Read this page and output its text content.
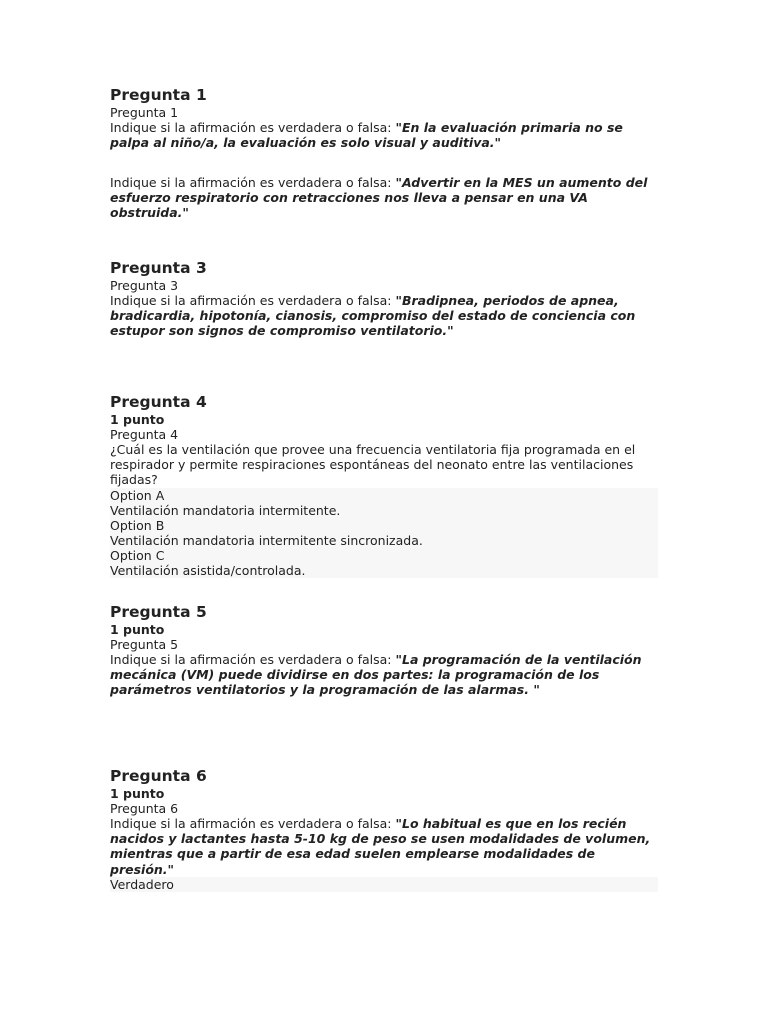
Pregunta 1
Pregunta 1
Indique si la afirmación es verdadera o falsa: "En la evaluación primaria no se palpa al niño/a, la evaluación es solo visual y auditiva."
Indique si la afirmación es verdadera o falsa: "Advertir en la MES un aumento del esfuerzo respiratorio con retracciones nos lleva a pensar en una VA obstruida."
Pregunta 3
Pregunta 3
Indique si la afirmación es verdadera o falsa: "Bradipnea, periodos de apnea, bradicardia, hipotonía, cianosis, compromiso del estado de conciencia con estupor son signos de compromiso ventilatorio."
Pregunta 4
1 punto
Pregunta 4
¿Cuál es la ventilación que provee una frecuencia ventilatoria fija programada en el respirador y permite respiraciones espontáneas del neonato entre las ventilaciones fijadas?
Option A
Ventilación mandatoria intermitente.
Option B
Ventilación mandatoria intermitente sincronizada.
Option C
Ventilación asistida/controlada.
Pregunta 5
1 punto
Pregunta 5
Indique si la afirmación es verdadera o falsa: "La programación de la ventilación mecánica (VM) puede dividirse en dos partes: la programación de los parámetros ventilatorios y la programación de las alarmas. "
Pregunta 6
1 punto
Pregunta 6
Indique si la afirmación es verdadera o falsa: "Lo habitual es que en los recién nacidos y lactantes hasta 5-10 kg de peso se usen modalidades de volumen, mientras que a partir de esa edad suelen emplearse modalidades de presión."
Verdadero
